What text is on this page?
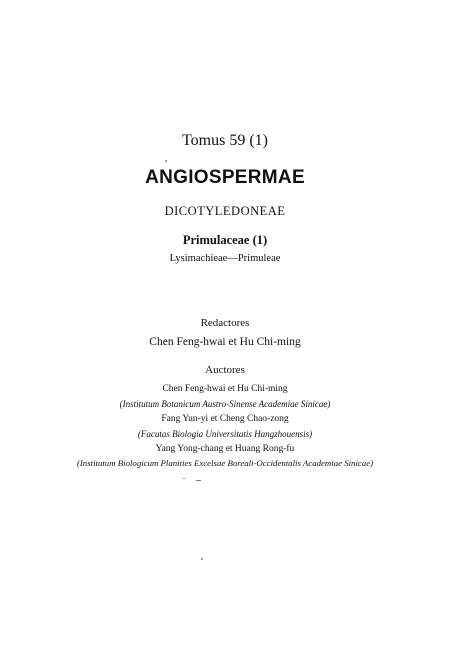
Tomus 59 (1)
ANGIOSPERMAE
DICOTYLEDONEAE
Primulaceae (1)
Lysimachieae—Primuleae
Redactores
Chen Feng-hwai et Hu Chi-ming
Auctores
Chen Feng-hwai et Hu Chi-ming
(Institutum Botanicum Austro-Sinense Academiae Sinicae)
Fang Yun-yi et Cheng Chao-zong
(Facutas Biologia Universitatis Hangzhouensis)
Yang Yong-chang et Huang Rong-fu
(Institutum Biologicum Planities Excelsae Boreali-Occidentalis Academiae Sinicae)
